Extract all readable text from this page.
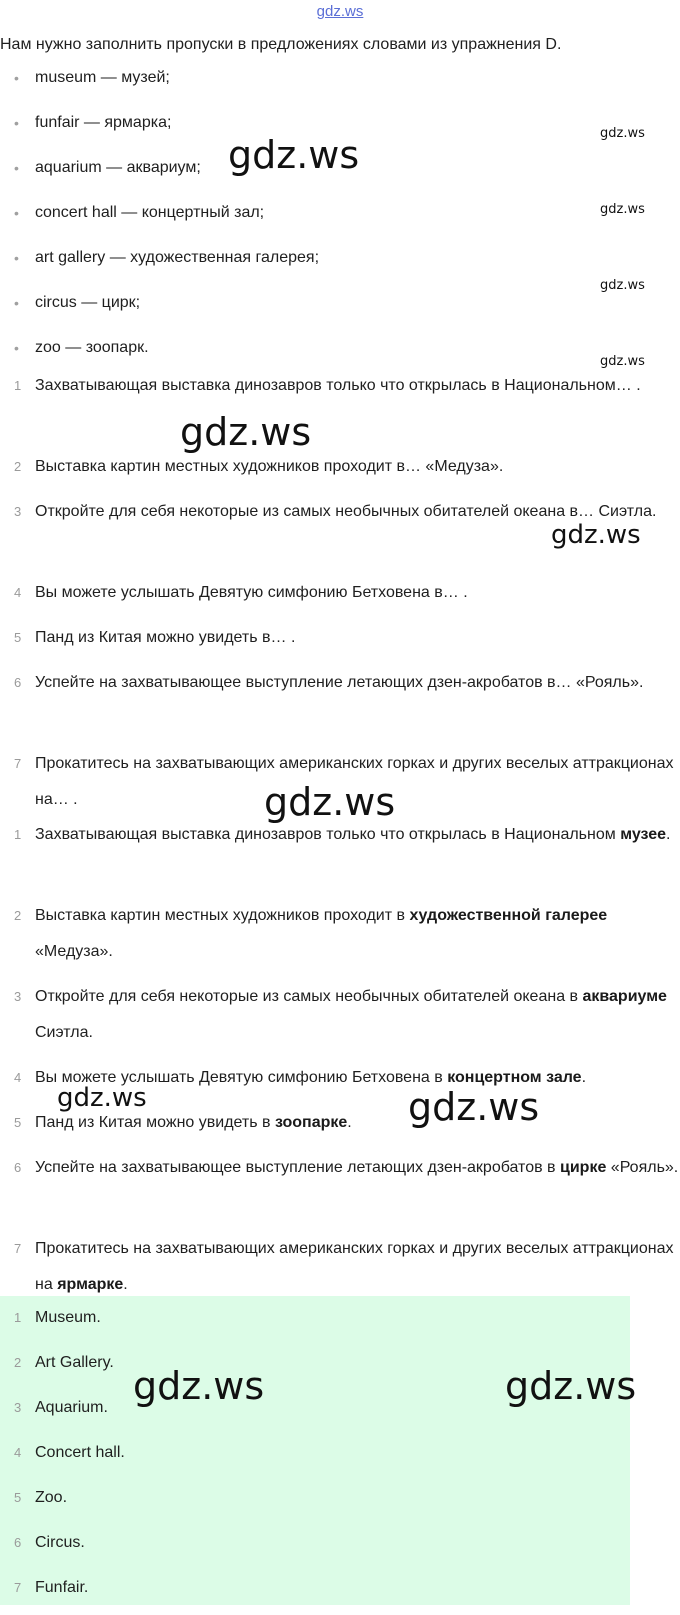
gdz.ws
Нам нужно заполнить пропуски в предложениях словами из упражнения D.
•	museum — музей;
•	funfair — ярмарка;
•	aquarium — аквариум;
•	concert hall — концертный зал;
•	art gallery — художественная галерея;
•	circus — цирк;
•	zoo — зоопарк.
1 Захватывающая выставка динозавров только что открылась в Национальном… .
2 Выставка картин местных художников проходит в… «Медуза».
3 Откройте для себя некоторые из самых необычных обитателей океана в… Сиэтла.
4 Вы можете услышать Девятую симфонию Бетховена в… .
5 Панд из Китая можно увидеть в… .
6 Успейте на захватывающее выступление летающих дзен-акробатов в… «Рояль».
7 Прокатитесь на захватывающих американских горках и других веселых аттракционах на… .
1 Захватывающая выставка динозавров только что открылась в Национальном музее.
2 Выставка картин местных художников проходит в художественной галерее «Медуза».
3 Откройте для себя некоторые из самых необычных обитателей океана в аквариуме Сиэтла.
4 Вы можете услышать Девятую симфонию Бетховена в концертном зале.
5 Панд из Китая можно увидеть в зоопарке.
6 Успейте на захватывающее выступление летающих дзен-акробатов в цирке «Рояль».
7 Прокатитесь на захватывающих американских горках и других веселых аттракционах на ярмарке.
1 Museum.
2 Art Gallery.
3 Aquarium.
4 Concert hall.
5 Zoo.
6 Circus.
7 Funfair.
gdz.ws
gdz.ws
gdz.ws
gdz.ws
gdz.ws
gdz.ws
gdz.ws
gdz.ws
gdz.ws	gdz.ws
gdz.ws	gdz.ws
